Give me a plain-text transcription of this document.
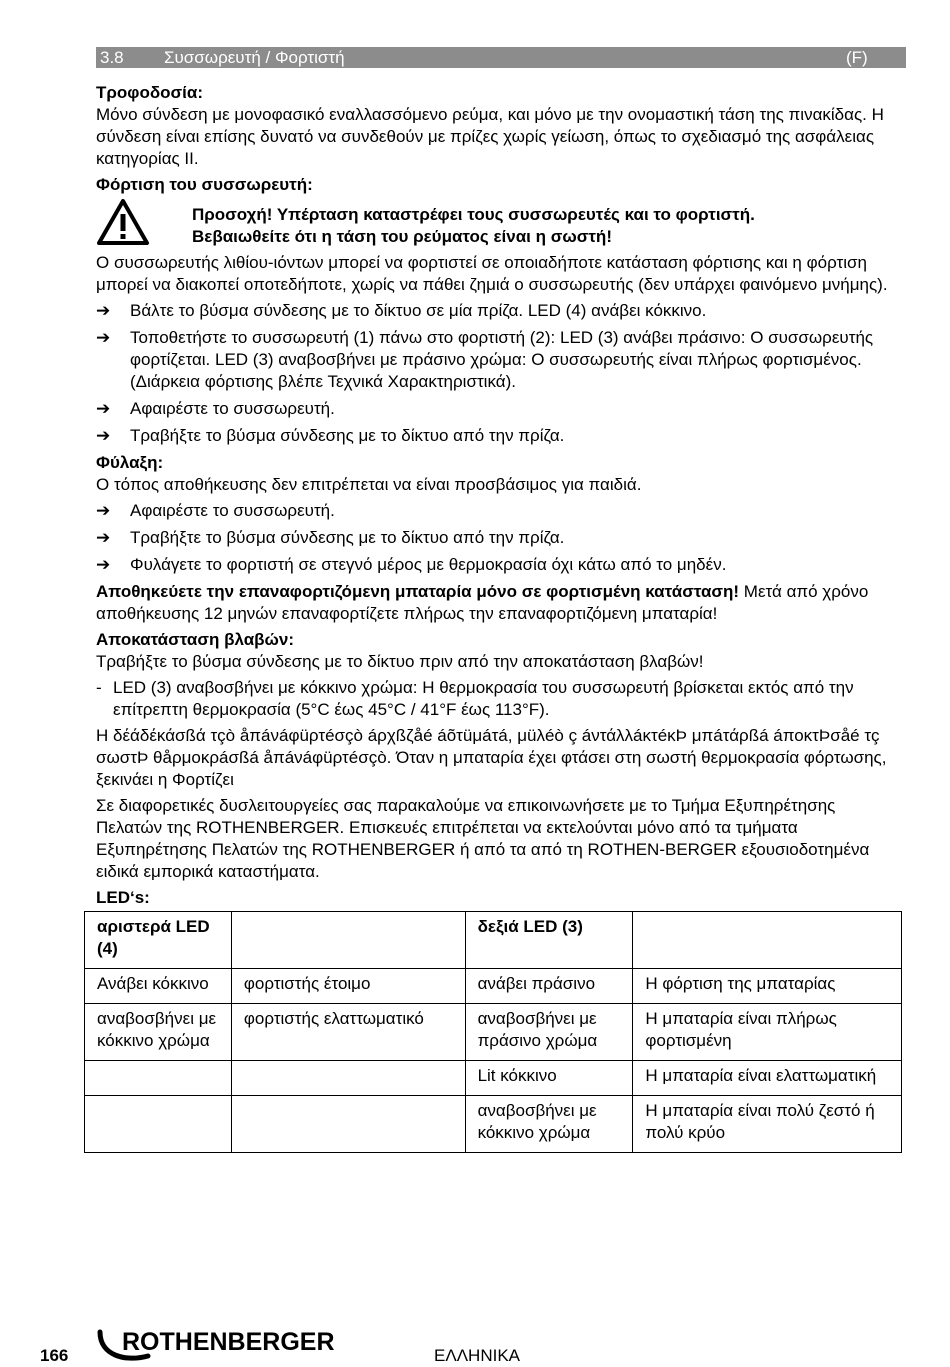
3.8	Συσσωρευτή / Φορτιστή	(F)

Τροφοδοσία:

Μόνο σύνδεση με μονοφασικό εναλλασσόμενο ρεύμα, και μόνο με την ονομαστική τάση της πινακίδας. Η σύνδεση είναι επίσης δυνατό να συνδεθούν με πρίζες χωρίς γείωση, όπως το σχεδιασμό της ασφάλειας κατηγορίας II.

Φόρτιση του συσσωρευτή:

Προσοχή! Υπέρταση καταστρέφει τους συσσωρευτές και το φορτιστή.
Βεβαιωθείτε ότι η τάση του ρεύματος είναι η σωστή!

Ο συσσωρευτής λιθίου-ιόντων μπορεί να φορτιστεί σε οποιαδήποτε κατάσταση φόρτισης και η φόρτιση μπορεί να διακοπεί οποτεδήποτε, χωρίς να πάθει ζημιά ο συσσωρευτής (δεν υπάρχει φαινόμενο μνήμης).

➔	Βάλτε το βύσμα σύνδεσης με το δίκτυο σε μία πρίζα. LED (4) ανάβει κόκκινο.
➔	Τοποθετήστε το συσσωρευτή (1) πάνω στο φορτιστή (2): LED (3) ανάβει πράσινο: Ο συσσωρευτής φορτίζεται. LED (3) αναβοσβήνει με πράσινο χρώμα: Ο συσσωρευτής είναι πλήρως φορτισμένος. (Διάρκεια φόρτισης βλέπε Τεχνικά Χαρακτηριστικά).
➔	Αφαιρέστε το συσσωρευτή.
➔	Τραβήξτε το βύσμα σύνδεσης με το δίκτυο από την πρίζα.

Φύλαξη:

Ο τόπος αποθήκευσης δεν επιτρέπεται να είναι προσβάσιμος για παιδιά.

➔	Αφαιρέστε το συσσωρευτή.
➔	Τραβήξτε το βύσμα σύνδεσης με το δίκτυο από την πρίζα.
➔	Φυλάγετε το φορτιστή σε στεγνό μέρος με θερμοκρασία όχι κάτω από το μηδέν.

Αποθηκεύετε την επαναφορτιζόμενη μπαταρία μόνο σε φορτισμένη κατάσταση! Μετά από χρόνο αποθήκευσης 12 μηνών επαναφορτίζετε πλήρως την επαναφορτιζόμενη μπαταρία!

Αποκατάσταση βλαβών:

Τραβήξτε το βύσμα σύνδεσης με το δίκτυο πριν από την αποκατάσταση βλαβών!

- LED (3) αναβοσβήνει με κόκκινο χρώμα: Η θερμοκρασία του συσσωρευτή βρίσκεται εκτός από την επίτρεπτη θερμοκρασία (5°C έως 45°C / 41°F έως 113°F).

Η δέάδέκάσßά τçò åπáνáφüρτéσçò áρχßζåé áõτüμáτá, μüλéò ç áντάλλáκτéκÞ μπáτάρßá áποκτÞσåé τç σωστÞ θåρμοκρáσßá åπáνáφüρτéσçò. Όταν η μπαταρία έχει φτάσει στη σωστή θερμοκρασία φόρτωσης, ξεκινάει η Φορτίζει

Σε διαφορετικές δυσλειτουργείες σας παρακαλούμε να επικοινωνήσετε με το Τμήμα Εξυπηρέτησης Πελατών της ROTHENBERGER. Επισκευές επιτρέπεται να εκτελούνται μόνο από τα τμήματα Εξυπηρέτησης Πελατών της ROTHENBERGER ή από τα από τη ROTHEN-BERGER εξουσιοδοτημένα ειδικά εμπορικά καταστήματα.

LED‘s:

αριστερά LED (4)		δεξιά LED (3)	
Ανάβει κόκκινο	φορτιστής έτοιμο	ανάβει πράσινο	Η φόρτιση της μπαταρίας
αναβοσβήνει με κόκκινο χρώμα	φορτιστής ελαττωματικό	αναβοσβήνει με πράσινο χρώμα	Η μπαταρία είναι πλήρως φορτισμένη
		Lit κόκκινο	Η μπαταρία είναι ελαττωματική
		αναβοσβήνει με κόκκινο χρώμα	Η μπαταρία είναι πολύ ζεστό ή πολύ κρύο
166 ROTHENBERGER	ΕΛΛΗΝΙΚΑ
